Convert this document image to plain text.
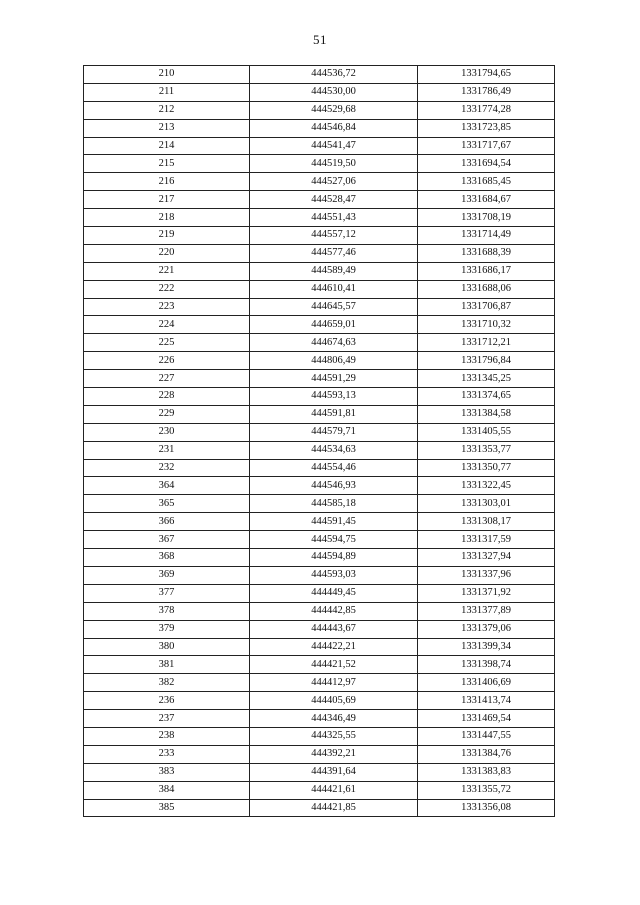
51
210	444536,72	1331794,65
211	444530,00	1331786,49
212	444529,68	1331774,28
213	444546,84	1331723,85
214	444541,47	1331717,67
215	444519,50	1331694,54
216	444527,06	1331685,45
217	444528,47	1331684,67
218	444551,43	1331708,19
219	444557,12	1331714,49
220	444577,46	1331688,39
221	444589,49	1331686,17
222	444610,41	1331688,06
223	444645,57	1331706,87
224	444659,01	1331710,32
225	444674,63	1331712,21
226	444806,49	1331796,84
227	444591,29	1331345,25
228	444593,13	1331374,65
229	444591,81	1331384,58
230	444579,71	1331405,55
231	444534,63	1331353,77
232	444554,46	1331350,77
364	444546,93	1331322,45
365	444585,18	1331303,01
366	444591,45	1331308,17
367	444594,75	1331317,59
368	444594,89	1331327,94
369	444593,03	1331337,96
377	444449,45	1331371,92
378	444442,85	1331377,89
379	444443,67	1331379,06
380	444422,21	1331399,34
381	444421,52	1331398,74
382	444412,97	1331406,69
236	444405,69	1331413,74
237	444346,49	1331469,54
238	444325,55	1331447,55
233	444392,21	1331384,76
383	444391,64	1331383,83
384	444421,61	1331355,72
385	444421,85	1331356,08
